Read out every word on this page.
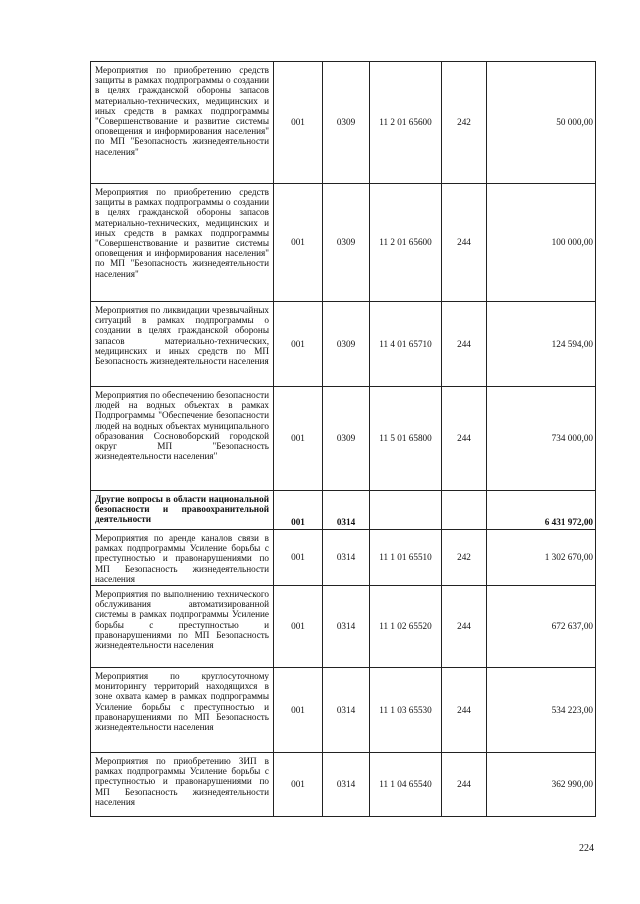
Мероприятия по приобретению средств защиты в рамках подпрограммы о создании в целях гражданской обороны запасов материально-технических, медицинских и иных средств в рамках подпрограммы "Совершенствование и развитие системы оповещения и информирования населения" по МП "Безопасность жизнедеятельности населения"	001	0309	11 2 01 65600	242	50 000,00
Мероприятия по приобретению средств защиты в рамках подпрограммы о создании в целях гражданской обороны запасов материально-технических, медицинских и иных средств в рамках подпрограммы "Совершенствование и развитие системы оповещения и информирования населения" по МП "Безопасность жизнедеятельности населения"	001	0309	11 2 01 65600	244	100 000,00
Мероприятия по ликвидации чрезвычайных ситуаций в рамках подпрограммы о создании в целях гражданской обороны запасов материально-технических, медицинских и иных средств по МП Безопасность жизнедеятельности населения	001	0309	11 4 01 65710	244	124 594,00
Мероприятия по обеспечению безопасности людей на водных объектах в рамках Подпрограммы "Обеспечение безопасности людей на водных объектах муниципального образования Сосновоборский городской округ МП "Безопасность жизнедеятельности населения"	001	0309	11 5 01 65800	244	734 000,00
Другие вопросы в области национальной безопасности и правоохранительной деятельности	001	0314			6 431 972,00
Мероприятия по аренде каналов связи в рамках подпрограммы Усиление борьбы с преступностью и правонарушениями по МП Безопасность жизнедеятельности населения	001	0314	11 1 01 65510	242	1 302 670,00
Мероприятия по выполнению технического обслуживания автоматизированной системы в рамках подпрограммы Усиление борьбы с преступностью и правонарушениями по МП Безопасность жизнедеятельности населения	001	0314	11 1 02 65520	244	672 637,00
Мероприятия по круглосуточному мониторингу территорий находящихся в зоне охвата камер в рамках подпрограммы Усиление борьбы с преступностью и правонарушениями по МП Безопасность жизнедеятельности населения	001	0314	11 1 03 65530	244	534 223,00
Мероприятия по приобретению ЗИП в рамках подпрограммы Усиление борьбы с преступностью и правонарушениями по МП Безопасность жизнедеятельности населения	001	0314	11 1 04 65540	244	362 990,00
224
